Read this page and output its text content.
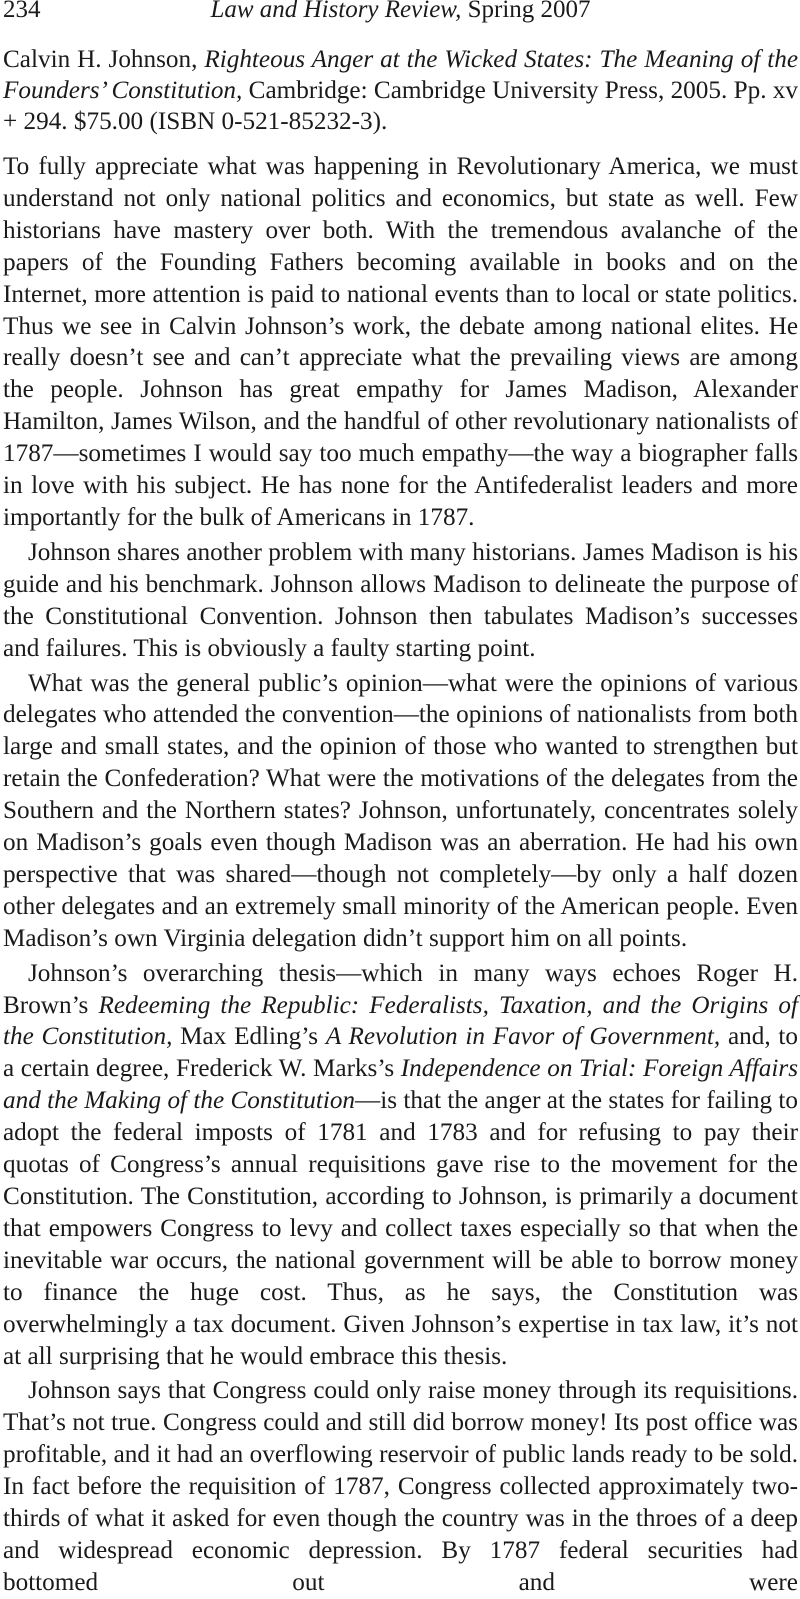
234	Law and History Review, Spring 2007
Calvin H. Johnson, Righteous Anger at the Wicked States: The Meaning of the Founders’ Constitution, Cambridge: Cambridge University Press, 2005. Pp. xv + 294. $75.00 (ISBN 0-521-85232-3).

To fully appreciate what was happening in Revolutionary America, we must understand not only national politics and economics, but state as well. Few historians have mastery over both. With the tremendous avalanche of the papers of the Founding Fathers becoming available in books and on the Internet, more attention is paid to national events than to local or state politics. Thus we see in Calvin Johnson’s work, the debate among national elites. He really doesn’t see and can’t appreciate what the prevailing views are among the people. Johnson has great empathy for James Madison, Alexander Hamilton, James Wilson, and the handful of other revolutionary nationalists of 1787—sometimes I would say too much empathy—the way a biographer falls in love with his subject. He has none for the Antifederalist leaders and more importantly for the bulk of Americans in 1787.

Johnson shares another problem with many historians. James Madison is his guide and his benchmark. Johnson allows Madison to delineate the purpose of the Constitutional Convention. Johnson then tabulates Madison’s successes and failures. This is obviously a faulty starting point.

What was the general public’s opinion—what were the opinions of various delegates who attended the convention—the opinions of nationalists from both large and small states, and the opinion of those who wanted to strengthen but retain the Confederation? What were the motivations of the delegates from the Southern and the Northern states? Johnson, unfortunately, concentrates solely on Madison’s goals even though Madison was an aberration. He had his own perspective that was shared—though not completely—by only a half dozen other delegates and an extremely small minority of the American people. Even Madison’s own Virginia delegation didn’t support him on all points.

Johnson’s overarching thesis—which in many ways echoes Roger H. Brown’s Redeeming the Republic: Federalists, Taxation, and the Origins of the Constitution, Max Edling’s A Revolution in Favor of Government, and, to a certain degree, Frederick W. Marks’s Independence on Trial: Foreign Affairs and the Making of the Constitution—is that the anger at the states for failing to adopt the federal imposts of 1781 and 1783 and for refusing to pay their quotas of Congress’s annual requisitions gave rise to the movement for the Constitution. The Constitution, according to Johnson, is primarily a document that empowers Congress to levy and collect taxes especially so that when the inevitable war occurs, the national government will be able to borrow money to finance the huge cost. Thus, as he says, the Constitution was overwhelmingly a tax document. Given Johnson’s expertise in tax law, it’s not at all surprising that he would embrace this thesis.

Johnson says that Congress could only raise money through its requisitions. That’s not true. Congress could and still did borrow money! Its post office was profitable, and it had an overflowing reservoir of public lands ready to be sold. In fact before the requisition of 1787, Congress collected approximately two-thirds of what it asked for even though the country was in the throes of a deep and widespread economic depression. By 1787 federal securities had bottomed out and were
